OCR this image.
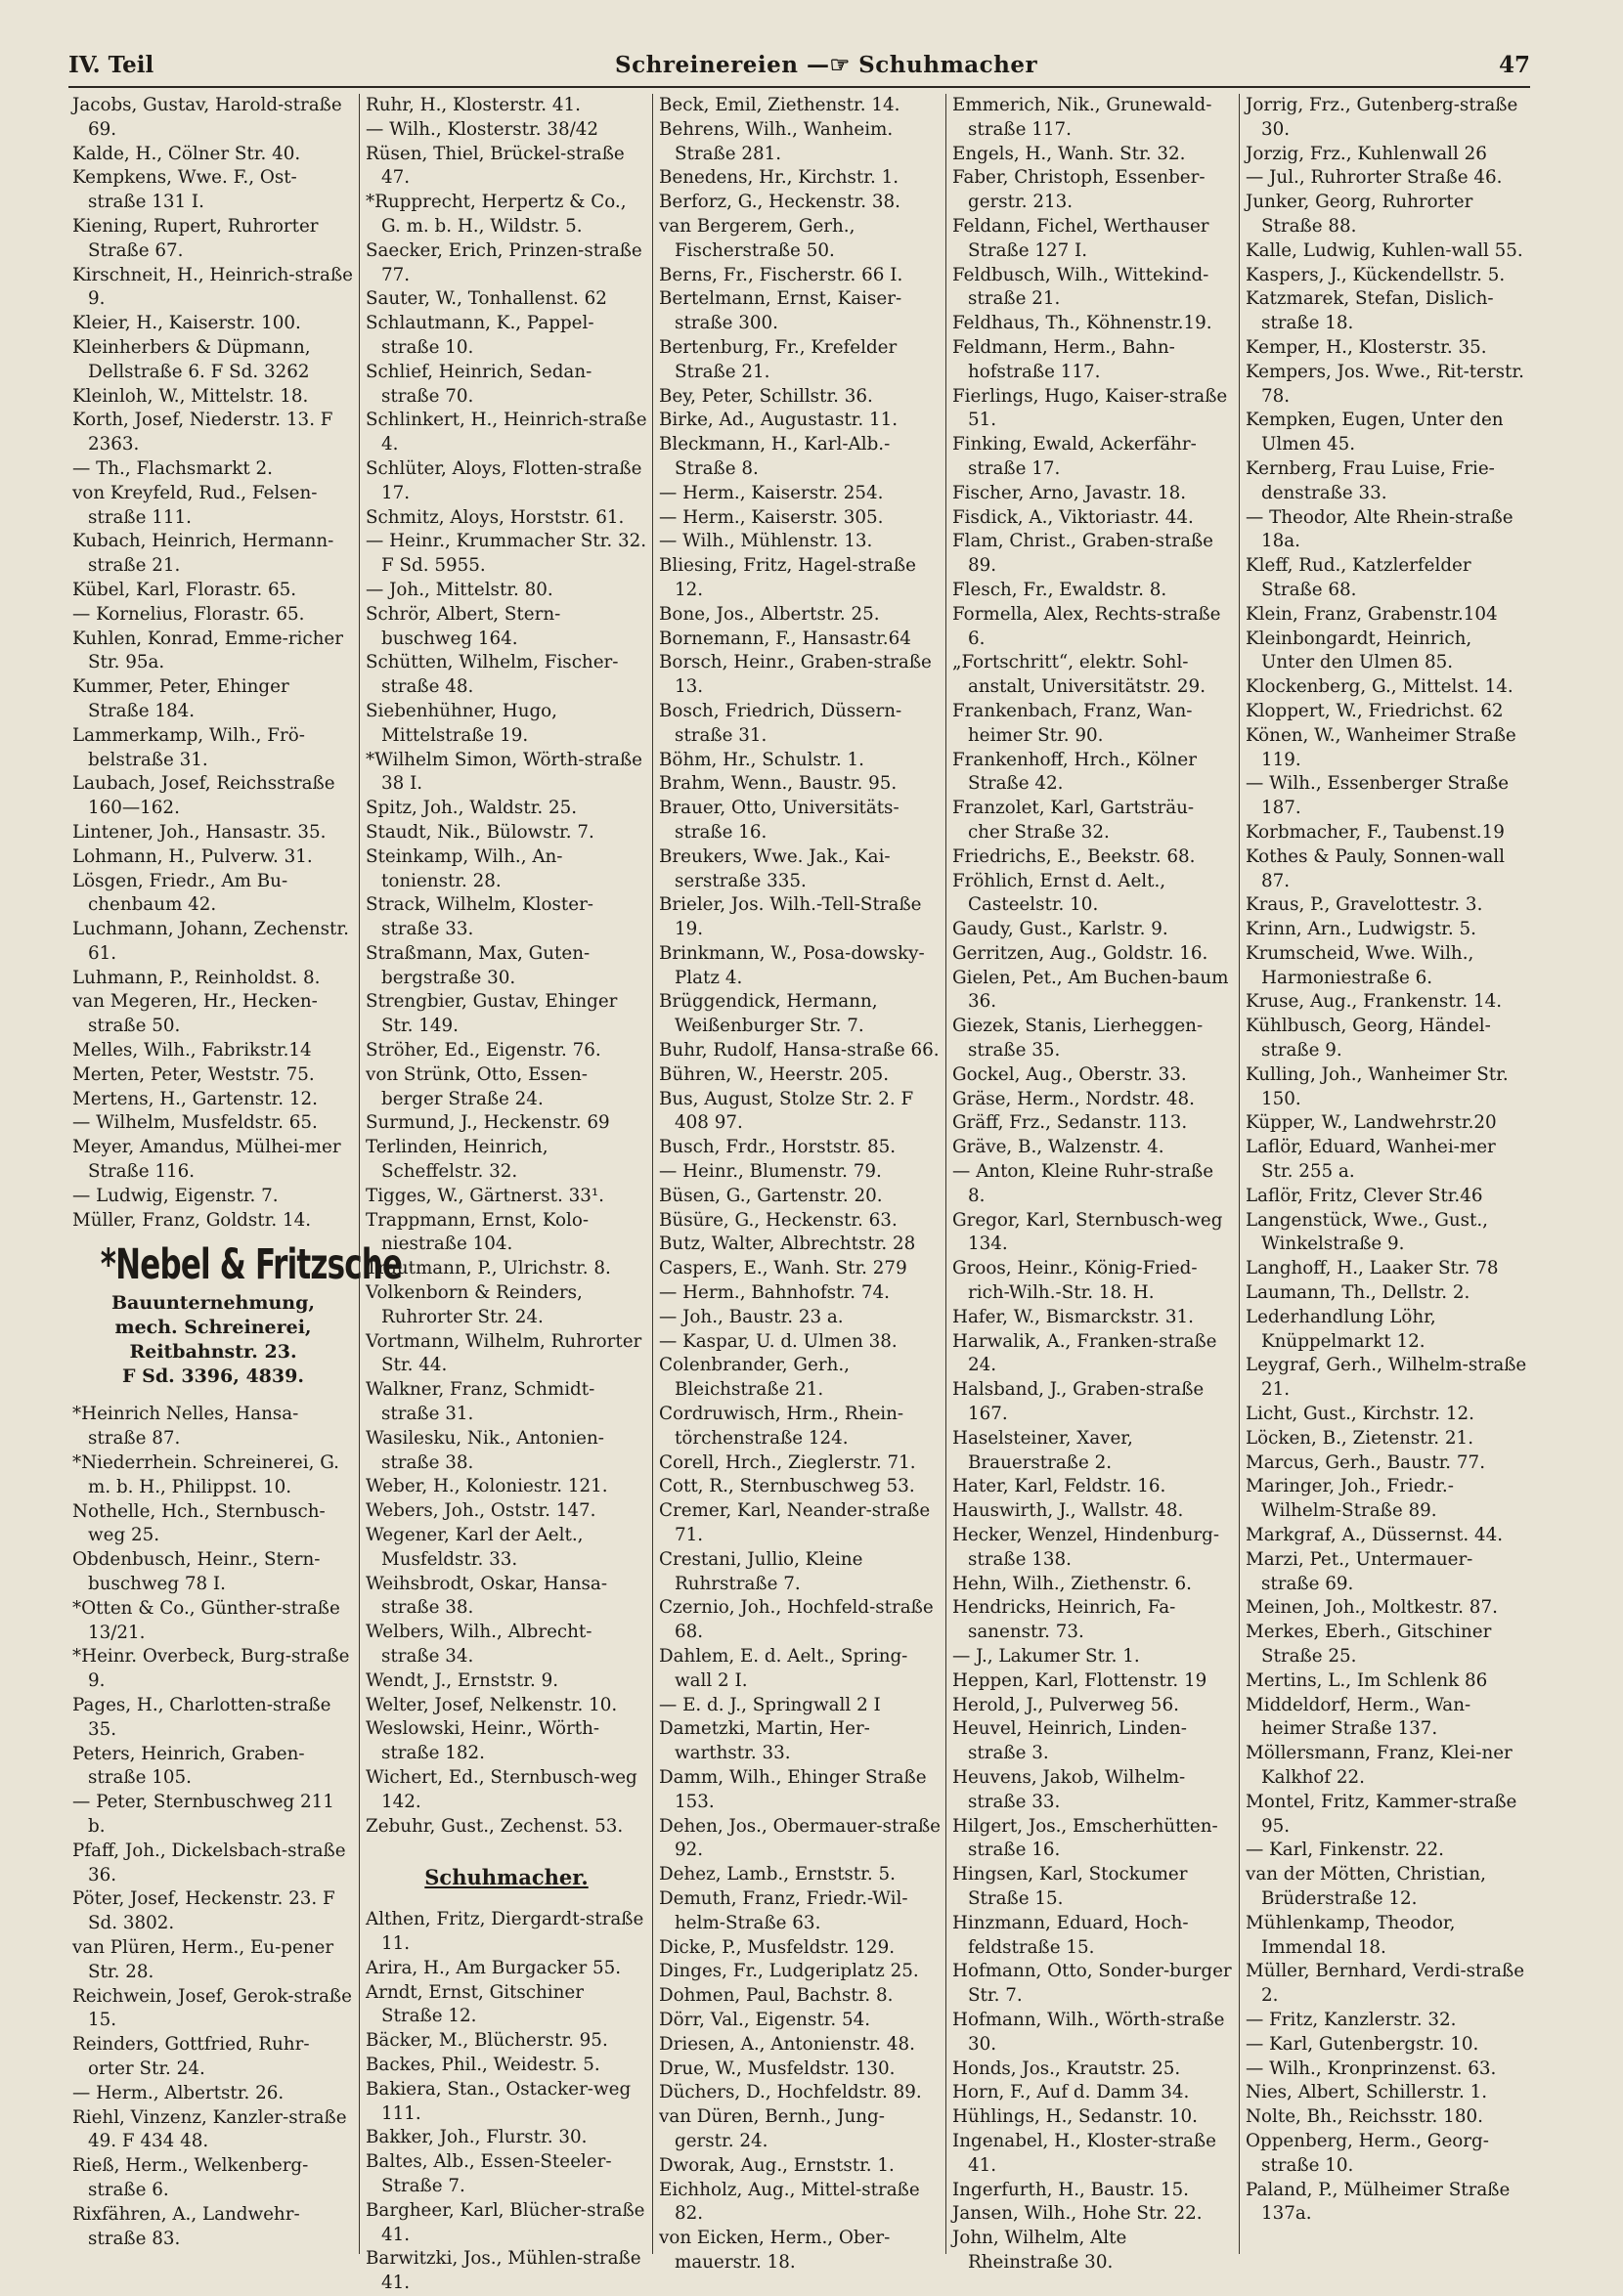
IV. Teil	Schreinereien —☞ Schuhmacher	47

Jacobs, Gustav, Harold-straße 69.

Kalde, H., Cölner Str. 40.

Kempkens, Wwe. F., Ost-straße 131 I.

Kiening, Rupert, Ruhrorter Straße 67.

Kirschneit, H., Heinrich-straße 9.

Kleier, H., Kaiserstr. 100.

Kleinherbers & Düpmann, Dellstraße 6. F Sd. 3262

Kleinloh, W., Mittelstr. 18.

Korth, Josef, Niederstr. 13. F 2363.

— Th., Flachsmarkt 2.

von Kreyfeld, Rud., Felsen-straße 111.

Kubach, Heinrich, Hermann-straße 21.

Kübel, Karl, Florastr. 65.

— Kornelius, Florastr. 65.

Kuhlen, Konrad, Emme-richer Str. 95a.

Kummer, Peter, Ehinger Straße 184.

Lammerkamp, Wilh., Frö-belstraße 31.

Laubach, Josef, Reichsstraße 160—162.

Lintener, Joh., Hansastr. 35.

Lohmann, H., Pulverw. 31.

Lösgen, Friedr., Am Bu-chenbaum 42.

Luchmann, Johann, Zechenstr. 61.

Luhmann, P., Reinholdst. 8.

van Megeren, Hr., Hecken-straße 50.

Melles, Wilh., Fabrikstr.14

Merten, Peter, Weststr. 75.

Mertens, H., Gartenstr. 12.

— Wilhelm, Musfeldstr. 65.

Meyer, Amandus, Mülhei-mer Straße 116.

— Ludwig, Eigenstr. 7.

Müller, Franz, Goldstr. 14.

*Nebel & Fritzsche
Bauunternehmung,
mech. Schreinerei,
Reitbahnstr. 23.
F Sd. 3396, 4839.

*Heinrich Nelles, Hansa-straße 87.

*Niederrhein. Schreinerei, G. m. b. H., Philippst. 10.

Nothelle, Hch., Sternbusch-weg 25.

Obdenbusch, Heinr., Stern-buschweg 78 I.

*Otten & Co., Günther-straße 13/21.

*Heinr. Overbeck, Burg-straße 9.

Pages, H., Charlotten-straße 35.

Peters, Heinrich, Graben-straße 105.

— Peter, Sternbuschweg 211 b.

Pfaff, Joh., Dickelsbach-straße 36.

Pöter, Josef, Heckenstr. 23. F Sd. 3802.

van Plüren, Herm., Eu-pener Str. 28.

Reichwein, Josef, Gerok-straße 15.

Reinders, Gottfried, Ruhr-orter Str. 24.

— Herm., Albertstr. 26.

Riehl, Vinzenz, Kanzler-straße 49. F 434 48.

Rieß, Herm., Welkenberg-straße 6.

Rixfähren, A., Landwehr-straße 83.

Ruhr, H., Klosterstr. 41.

— Wilh., Klosterstr. 38/42

Rüsen, Thiel, Brückel-straße 47.

*Rupprecht, Herpertz & Co., G. m. b. H., Wildstr. 5.

Saecker, Erich, Prinzen-straße 77.

Sauter, W., Tonhallenst. 62

Schlautmann, K., Pappel-straße 10.

Schlief, Heinrich, Sedan-straße 70.

Schlinkert, H., Heinrich-straße 4.

Schlüter, Aloys, Flotten-straße 17.

Schmitz, Aloys, Horststr. 61.

— Heinr., Krummacher Str. 32. F Sd. 5955.

— Joh., Mittelstr. 80.

Schrör, Albert, Stern-buschweg 164.

Schütten, Wilhelm, Fischer-straße 48.

Siebenhühner, Hugo, Mittelstraße 19.

*Wilhelm Simon, Wörth-straße 38 I.

Spitz, Joh., Waldstr. 25.

Staudt, Nik., Bülowstr. 7.

Steinkamp, Wilh., An-tonienstr. 28.

Strack, Wilhelm, Kloster-straße 33.

Straßmann, Max, Guten-bergstraße 30.

Strengbier, Gustav, Ehinger Str. 149.

Ströher, Ed., Eigenstr. 76.

von Strünk, Otto, Essen-berger Straße 24.

Surmund, J., Heckenstr. 69

Terlinden, Heinrich, Scheffelstr. 32.

Tigges, W., Gärtnerst. 33¹.

Trappmann, Ernst, Kolo-niestraße 104.

Trautmann, P., Ulrichstr. 8.

Volkenborn & Reinders, Ruhrorter Str. 24.

Vortmann, Wilhelm, Ruhrorter Str. 44.

Walkner, Franz, Schmidt-straße 31.

Wasilesku, Nik., Antonien-straße 38.

Weber, H., Koloniestr. 121.

Webers, Joh., Oststr. 147.

Wegener, Karl der Aelt., Musfeldstr. 33.

Weihsbrodt, Oskar, Hansa-straße 38.

Welbers, Wilh., Albrecht-straße 34.

Wendt, J., Ernststr. 9.

Welter, Josef, Nelkenstr. 10.

Weslowski, Heinr., Wörth-straße 182.

Wichert, Ed., Sternbusch-weg 142.

Zebuhr, Gust., Zechenst. 53.

Schuhmacher.

Althen, Fritz, Diergardt-straße 11.

Arira, H., Am Burgacker 55.

Arndt, Ernst, Gitschiner Straße 12.

Bäcker, M., Blücherstr. 95.

Backes, Phil., Weidestr. 5.

Bakiera, Stan., Ostacker-weg 111.

Bakker, Joh., Flurstr. 30.

Baltes, Alb., Essen-Steeler-Straße 7.

Bargheer, Karl, Blücher-straße 41.

Barwitzki, Jos., Mühlen-straße 41.

Beck, Emil, Ziethenstr. 14.

Behrens, Wilh., Wanheim. Straße 281.

Benedens, Hr., Kirchstr. 1.

Berforz, G., Heckenstr. 38.

van Bergerem, Gerh., Fischerstraße 50.

Berns, Fr., Fischerstr. 66 I.

Bertelmann, Ernst, Kaiser-straße 300.

Bertenburg, Fr., Krefelder Straße 21.

Bey, Peter, Schillstr. 36.

Birke, Ad., Augustastr. 11.

Bleckmann, H., Karl-Alb.-Straße 8.

— Herm., Kaiserstr. 254.

— Herm., Kaiserstr. 305.

— Wilh., Mühlenstr. 13.

Bliesing, Fritz, Hagel-straße 12.

Bone, Jos., Albertstr. 25.

Bornemann, F., Hansastr.64

Borsch, Heinr., Graben-straße 13.

Bosch, Friedrich, Düssern-straße 31.

Böhm, Hr., Schulstr. 1.

Brahm, Wenn., Baustr. 95.

Brauer, Otto, Universitäts-straße 16.

Breukers, Wwe. Jak., Kai-serstraße 335.

Brieler, Jos. Wilh.-Tell-Straße 19.

Brinkmann, W., Posa-dowsky-Platz 4.

Brüggendick, Hermann, Weißenburger Str. 7.

Buhr, Rudolf, Hansa-straße 66.

Bühren, W., Heerstr. 205.

Bus, August, Stolze Str. 2. F 408 97.

Busch, Frdr., Horststr. 85.

— Heinr., Blumenstr. 79.

Büsen, G., Gartenstr. 20.

Büsüre, G., Heckenstr. 63.

Butz, Walter, Albrechtstr. 28

Caspers, E., Wanh. Str. 279

— Herm., Bahnhofstr. 74.

— Joh., Baustr. 23 a.

— Kaspar, U. d. Ulmen 38.

Colenbrander, Gerh., Bleichstraße 21.

Cordruwisch, Hrm., Rhein-törchenstraße 124.

Corell, Hrch., Zieglerstr. 71.

Cott, R., Sternbuschweg 53.

Cremer, Karl, Neander-straße 71.

Crestani, Jullio, Kleine Ruhrstraße 7.

Czernio, Joh., Hochfeld-straße 68.

Dahlem, E. d. Aelt., Spring-wall 2 I.

— E. d. J., Springwall 2 I

Dametzki, Martin, Her-warthstr. 33.

Damm, Wilh., Ehinger Straße 153.

Dehen, Jos., Obermauer-straße 92.

Dehez, Lamb., Ernststr. 5.

Demuth, Franz, Friedr.-Wil-helm-Straße 63.

Dicke, P., Musfeldstr. 129.

Dinges, Fr., Ludgeriplatz 25.

Dohmen, Paul, Bachstr. 8.

Dörr, Val., Eigenstr. 54.

Driesen, A., Antonienstr. 48.

Drue, W., Musfeldstr. 130.

Düchers, D., Hochfeldstr. 89.

van Düren, Bernh., Jung-gerstr. 24.

Dworak, Aug., Ernststr. 1.

Eichholz, Aug., Mittel-straße 82.

von Eicken, Herm., Ober-mauerstr. 18.

Emmerich, Nik., Grunewald-straße 117.

Engels, H., Wanh. Str. 32.

Faber, Christoph, Essenber-gerstr. 213.

Feldann, Fichel, Werthauser Straße 127 I.

Feldbusch, Wilh., Wittekind-straße 21.

Feldhaus, Th., Köhnenstr.19.

Feldmann, Herm., Bahn-hofstraße 117.

Fierlings, Hugo, Kaiser-straße 51.

Finking, Ewald, Ackerfähr-straße 17.

Fischer, Arno, Javastr. 18.

Fisdick, A., Viktoriastr. 44.

Flam, Christ., Graben-straße 89.

Flesch, Fr., Ewaldstr. 8.

Formella, Alex, Rechts-straße 6.

„Fortschritt“, elektr. Sohl-anstalt, Universitätstr. 29.

Frankenbach, Franz, Wan-heimer Str. 90.

Frankenhoff, Hrch., Kölner Straße 42.

Franzolet, Karl, Gartsträu-cher Straße 32.

Friedrichs, E., Beekstr. 68.

Fröhlich, Ernst d. Aelt., Casteelstr. 10.

Gaudy, Gust., Karlstr. 9.

Gerritzen, Aug., Goldstr. 16.

Gielen, Pet., Am Buchen-baum 36.

Giezek, Stanis, Lierheggen-straße 35.

Gockel, Aug., Oberstr. 33.

Gräse, Herm., Nordstr. 48.

Gräff, Frz., Sedanstr. 113.

Gräve, B., Walzenstr. 4.

— Anton, Kleine Ruhr-straße 8.

Gregor, Karl, Sternbusch-weg 134.

Groos, Heinr., König-Fried-rich-Wilh.-Str. 18. H.

Hafer, W., Bismarckstr. 31.

Harwalik, A., Franken-straße 24.

Halsband, J., Graben-straße 167.

Haselsteiner, Xaver, Brauerstraße 2.

Hater, Karl, Feldstr. 16.

Hauswirth, J., Wallstr. 48.

Hecker, Wenzel, Hindenburg-straße 138.

Hehn, Wilh., Ziethenstr. 6.

Hendricks, Heinrich, Fa-sanenstr. 73.

— J., Lakumer Str. 1.

Heppen, Karl, Flottenstr. 19

Herold, J., Pulverweg 56.

Heuvel, Heinrich, Linden-straße 3.

Heuvens, Jakob, Wilhelm-straße 33.

Hilgert, Jos., Emscherhütten-straße 16.

Hingsen, Karl, Stockumer Straße 15.

Hinzmann, Eduard, Hoch-feldstraße 15.

Hofmann, Otto, Sonder-burger Str. 7.

Hofmann, Wilh., Wörth-straße 30.

Honds, Jos., Krautstr. 25.

Horn, F., Auf d. Damm 34.

Hühlings, H., Sedanstr. 10.

Ingenabel, H., Kloster-straße 41.

Ingerfurth, H., Baustr. 15.

Jansen, Wilh., Hohe Str. 22.

John, Wilhelm, Alte Rheinstraße 30.

Jorrig, Frz., Gutenberg-straße 30.

Jorzig, Frz., Kuhlenwall 26

— Jul., Ruhrorter Straße 46.

Junker, Georg, Ruhrorter Straße 88.

Kalle, Ludwig, Kuhlen-wall 55.

Kaspers, J., Kückendellstr. 5.

Katzmarek, Stefan, Dislich-straße 18.

Kemper, H., Klosterstr. 35.

Kempers, Jos. Wwe., Rit-terstr. 78.

Kempken, Eugen, Unter den Ulmen 45.

Kernberg, Frau Luise, Frie-denstraße 33.

— Theodor, Alte Rhein-straße 18a.

Kleff, Rud., Katzlerfelder Straße 68.

Klein, Franz, Grabenstr.104

Kleinbongardt, Heinrich, Unter den Ulmen 85.

Klockenberg, G., Mittelst. 14.

Kloppert, W., Friedrichst. 62

Könen, W., Wanheimer Straße 119.

— Wilh., Essenberger Straße 187.

Korbmacher, F., Taubenst.19

Kothes & Pauly, Sonnen-wall 87.

Kraus, P., Gravelottestr. 3.

Krinn, Arn., Ludwigstr. 5.

Krumscheid, Wwe. Wilh., Harmoniestraße 6.

Kruse, Aug., Frankenstr. 14.

Kühlbusch, Georg, Händel-straße 9.

Kulling, Joh., Wanheimer Str. 150.

Küpper, W., Landwehrstr.20

Laflör, Eduard, Wanhei-mer Str. 255 a.

Laflör, Fritz, Clever Str.46

Langenstück, Wwe., Gust., Winkelstraße 9.

Langhoff, H., Laaker Str. 78

Laumann, Th., Dellstr. 2.

Lederhandlung Löhr, Knüppelmarkt 12.

Leygraf, Gerh., Wilhelm-straße 21.

Licht, Gust., Kirchstr. 12.

Löcken, B., Zietenstr. 21.

Marcus, Gerh., Baustr. 77.

Maringer, Joh., Friedr.-Wilhelm-Straße 89.

Markgraf, A., Düssernst. 44.

Marzi, Pet., Untermauer-straße 69.

Meinen, Joh., Moltkestr. 87.

Merkes, Eberh., Gitschiner Straße 25.

Mertins, L., Im Schlenk 86

Middeldorf, Herm., Wan-heimer Straße 137.

Möllersmann, Franz, Klei-ner Kalkhof 22.

Montel, Fritz, Kammer-straße 95.

— Karl, Finkenstr. 22.

van der Mötten, Christian, Brüderstraße 12.

Mühlenkamp, Theodor, Immendal 18.

Müller, Bernhard, Verdi-straße 2.

— Fritz, Kanzlerstr. 32.

— Karl, Gutenbergstr. 10.

— Wilh., Kronprinzenst. 63.

Nies, Albert, Schillerstr. 1.

Nolte, Bh., Reichsstr. 180.

Oppenberg, Herm., Georg-straße 10.

Paland, P., Mülheimer Straße 137a.
